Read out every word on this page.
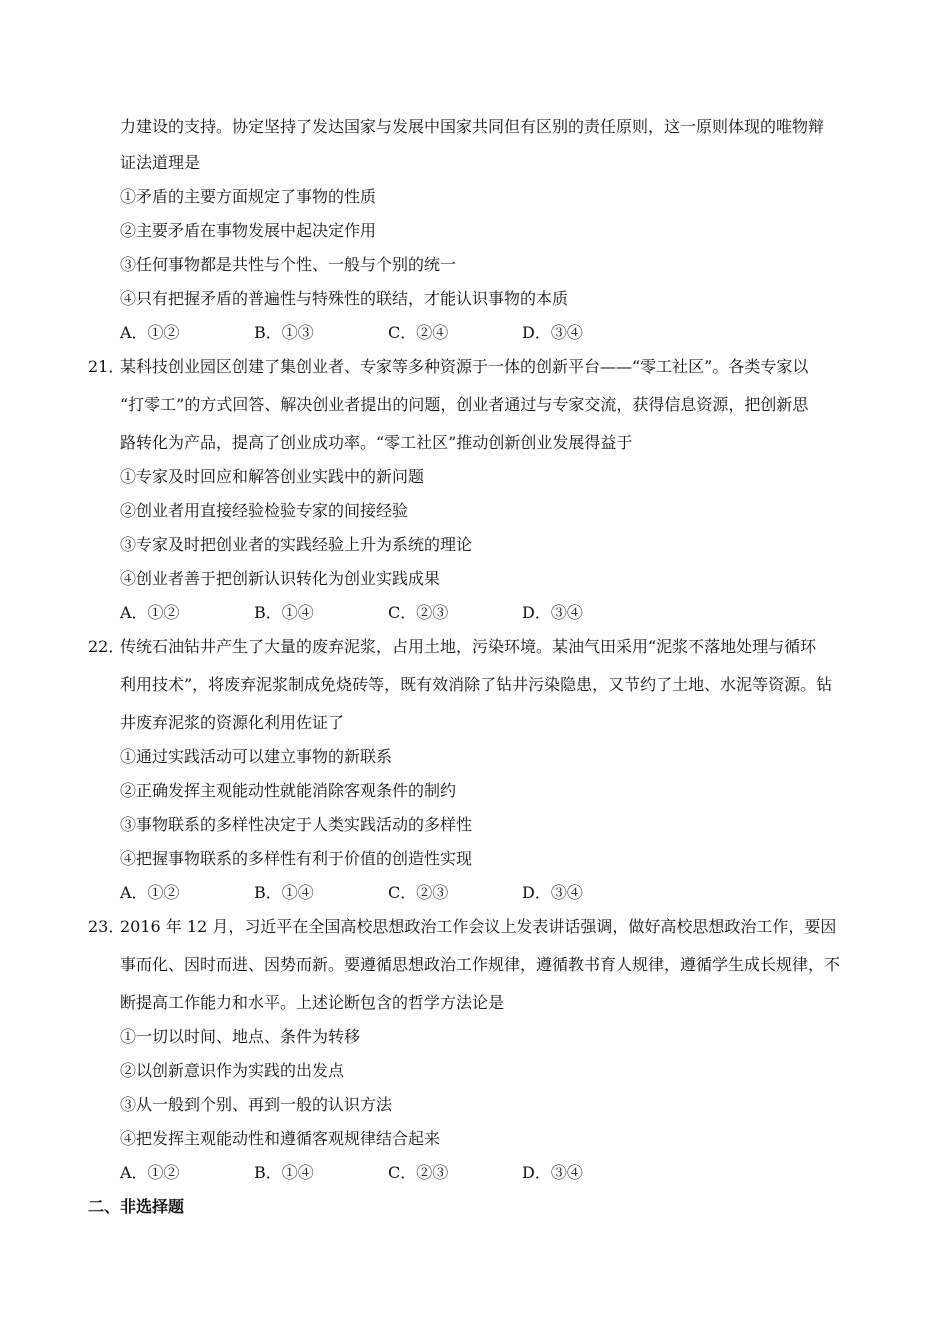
力建设的支持。协定坚持了发达国家与发展中国家共同但有区别的责任原则，这一原则体现的唯物辩
证法道理是
①矛盾的主要方面规定了事物的性质
②主要矛盾在事物发展中起决定作用
③任何事物都是共性与个性、一般与个别的统一
④只有把握矛盾的普遍性与特殊性的联结，才能认识事物的本质
A．①②	B．①③	C．②④	D．③④
21．
某科技创业园区创建了集创业者、专家等多种资源于一体的创新平台——“零工社区”。各类专家以
“打零工”的方式回答、解决创业者提出的问题，创业者通过与专家交流，获得信息资源，把创新思
路转化为产品，提高了创业成功率。“零工社区”推动创新创业发展得益于
①专家及时回应和解答创业实践中的新问题
②创业者用直接经验检验专家的间接经验
③专家及时把创业者的实践经验上升为系统的理论
④创业者善于把创新认识转化为创业实践成果
A．①②	B．①④	C．②③	D．③④
22．
传统石油钻井产生了大量的废弃泥浆，占用土地，污染环境。某油气田采用“泥浆不落地处理与循环
利用技术”，将废弃泥浆制成免烧砖等，既有效消除了钻井污染隐患，又节约了土地、水泥等资源。钻
井废弃泥浆的资源化利用佐证了
①通过实践活动可以建立事物的新联系
②正确发挥主观能动性就能消除客观条件的制约
③事物联系的多样性决定于人类实践活动的多样性
④把握事物联系的多样性有利于价值的创造性实现
A．①②	B．①④	C．②③	D．③④
23．
2016 年 12 月，习近平在全国高校思想政治工作会议上发表讲话强调，做好高校思想政治工作，要因
事而化、因时而进、因势而新。要遵循思想政治工作规律，遵循教书育人规律，遵循学生成长规律，不
断提高工作能力和水平。上述论断包含的哲学方法论是
①一切以时间、地点、条件为转移
②以创新意识作为实践的出发点
③从一般到个别、再到一般的认识方法
④把发挥主观能动性和遵循客观规律结合起来
A．①②	B．①④	C．②③	D．③④
二、非选择题
